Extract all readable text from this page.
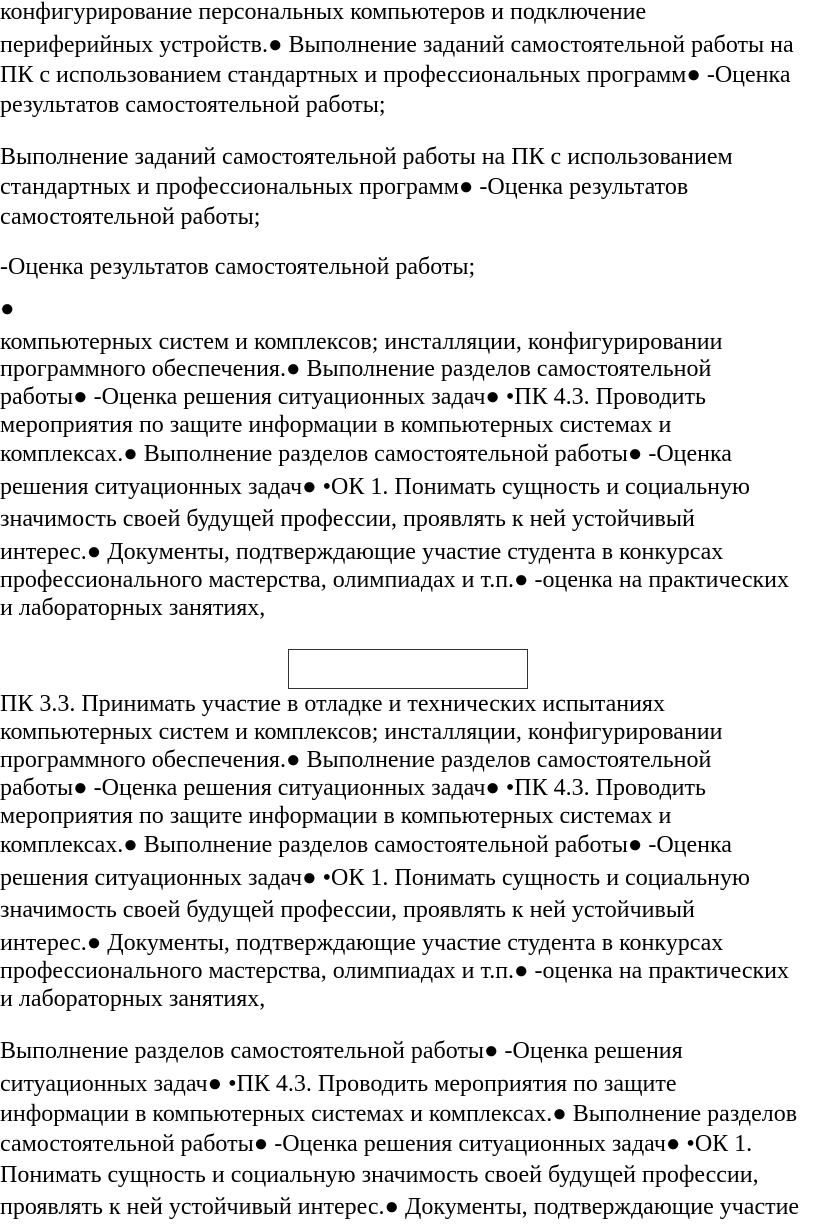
конфигурирование персональных компьютеров и подключение
периферийных устройств.● Выполнение заданий самостоятельной работы на
ПК с использованием стандартных и профессиональных программ● -Оценка
результатов самостоятельной работы;
Выполнение заданий самостоятельной работы на ПК с использованием
стандартных и профессиональных программ● -Оценка результатов
самостоятельной работы;
-Оценка результатов самостоятельной работы;
●
компьютерных систем и комплексов; инсталляции, конфигурировании
программного обеспечения.● Выполнение разделов самостоятельной
работы● -Оценка решения ситуационных задач● •ПК 4.3. Проводить
мероприятия по защите информации в компьютерных системах и
комплексах.● Выполнение разделов самостоятельной работы● -Оценка
решения ситуационных задач● •ОК 1. Понимать сущность и социальную
значимость своей будущей профессии, проявлять к ней устойчивый
интерес.● Документы, подтверждающие участие студента в конкурсах
профессионального мастерства, олимпиадах и т.п.● -оценка на практических
и лабораторных занятиях,
ПК 3.3. Принимать участие в отладке и технических испытаниях
компьютерных систем и комплексов; инсталляции, конфигурировании
программного обеспечения.● Выполнение разделов самостоятельной
работы● -Оценка решения ситуационных задач● •ПК 4.3. Проводить
мероприятия по защите информации в компьютерных системах и
комплексах.● Выполнение разделов самостоятельной работы● -Оценка
решения ситуационных задач● •ОК 1. Понимать сущность и социальную
значимость своей будущей профессии, проявлять к ней устойчивый
интерес.● Документы, подтверждающие участие студента в конкурсах
профессионального мастерства, олимпиадах и т.п.● -оценка на практических
и лабораторных занятиях,
Выполнение разделов самостоятельной работы● -Оценка решения
ситуационных задач● •ПК 4.3. Проводить мероприятия по защите
информации в компьютерных системах и комплексах.● Выполнение разделов
самостоятельной работы● -Оценка решения ситуационных задач● •ОК 1.
Понимать сущность и социальную значимость своей будущей профессии,
проявлять к ней устойчивый интерес.● Документы, подтверждающие участие
